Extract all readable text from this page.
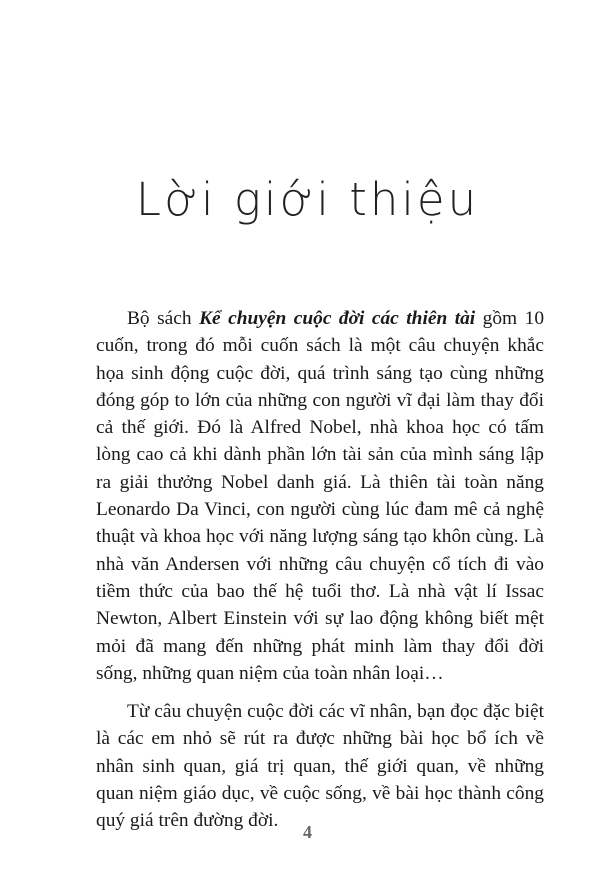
Lời giới thiệu

Bộ sách Kể chuyện cuộc đời các thiên tài gồm 10 cuốn, trong đó mỗi cuốn sách là một câu chuyện khắc họa sinh động cuộc đời, quá trình sáng tạo cùng những đóng góp to lớn của những con người vĩ đại làm thay đổi cả thế giới. Đó là Alfred Nobel, nhà khoa học có tấm lòng cao cả khi dành phần lớn tài sản của mình sáng lập ra giải thưởng Nobel danh giá. Là thiên tài toàn năng Leonardo Da Vinci, con người cùng lúc đam mê cả nghệ thuật và khoa học với năng lượng sáng tạo khôn cùng. Là nhà văn Andersen với những câu chuyện cổ tích đi vào tiềm thức của bao thế hệ tuổi thơ. Là nhà vật lí Issac Newton, Albert Einstein với sự lao động không biết mệt mỏi đã mang đến những phát minh làm thay đổi đời sống, những quan niệm của toàn nhân loại…

Từ câu chuyện cuộc đời các vĩ nhân, bạn đọc đặc biệt là các em nhỏ sẽ rút ra được những bài học bổ ích về nhân sinh quan, giá trị quan, thế giới quan, về những quan niệm giáo dục, về cuộc sống, về bài học thành công quý giá trên đường đời.

4
